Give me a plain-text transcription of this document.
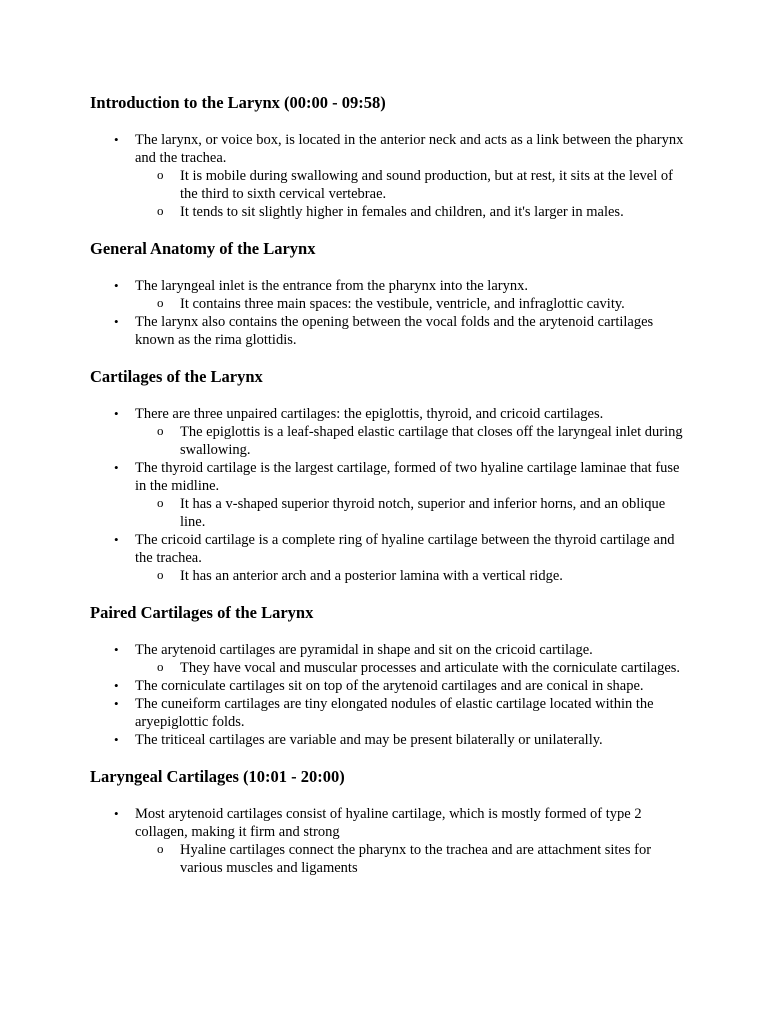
Introduction to the Larynx (00:00 - 09:58)
• The larynx, or voice box, is located in the anterior neck and acts as a link between the pharynx and the trachea.
o It is mobile during swallowing and sound production, but at rest, it sits at the level of the third to sixth cervical vertebrae.
o It tends to sit slightly higher in females and children, and it's larger in males.
General Anatomy of the Larynx
• The laryngeal inlet is the entrance from the pharynx into the larynx.
o It contains three main spaces: the vestibule, ventricle, and infraglottic cavity.
• The larynx also contains the opening between the vocal folds and the arytenoid cartilages known as the rima glottidis.
Cartilages of the Larynx
• There are three unpaired cartilages: the epiglottis, thyroid, and cricoid cartilages.
o The epiglottis is a leaf-shaped elastic cartilage that closes off the laryngeal inlet during swallowing.
• The thyroid cartilage is the largest cartilage, formed of two hyaline cartilage laminae that fuse in the midline.
o It has a v-shaped superior thyroid notch, superior and inferior horns, and an oblique line.
• The cricoid cartilage is a complete ring of hyaline cartilage between the thyroid cartilage and the trachea.
o It has an anterior arch and a posterior lamina with a vertical ridge.
Paired Cartilages of the Larynx
• The arytenoid cartilages are pyramidal in shape and sit on the cricoid cartilage.
o They have vocal and muscular processes and articulate with the corniculate cartilages.
• The corniculate cartilages sit on top of the arytenoid cartilages and are conical in shape.
• The cuneiform cartilages are tiny elongated nodules of elastic cartilage located within the aryepiglottic folds.
• The triticeal cartilages are variable and may be present bilaterally or unilaterally.
Laryngeal Cartilages (10:01 - 20:00)
• Most arytenoid cartilages consist of hyaline cartilage, which is mostly formed of type 2 collagen, making it firm and strong
o Hyaline cartilages connect the pharynx to the trachea and are attachment sites for various muscles and ligaments
